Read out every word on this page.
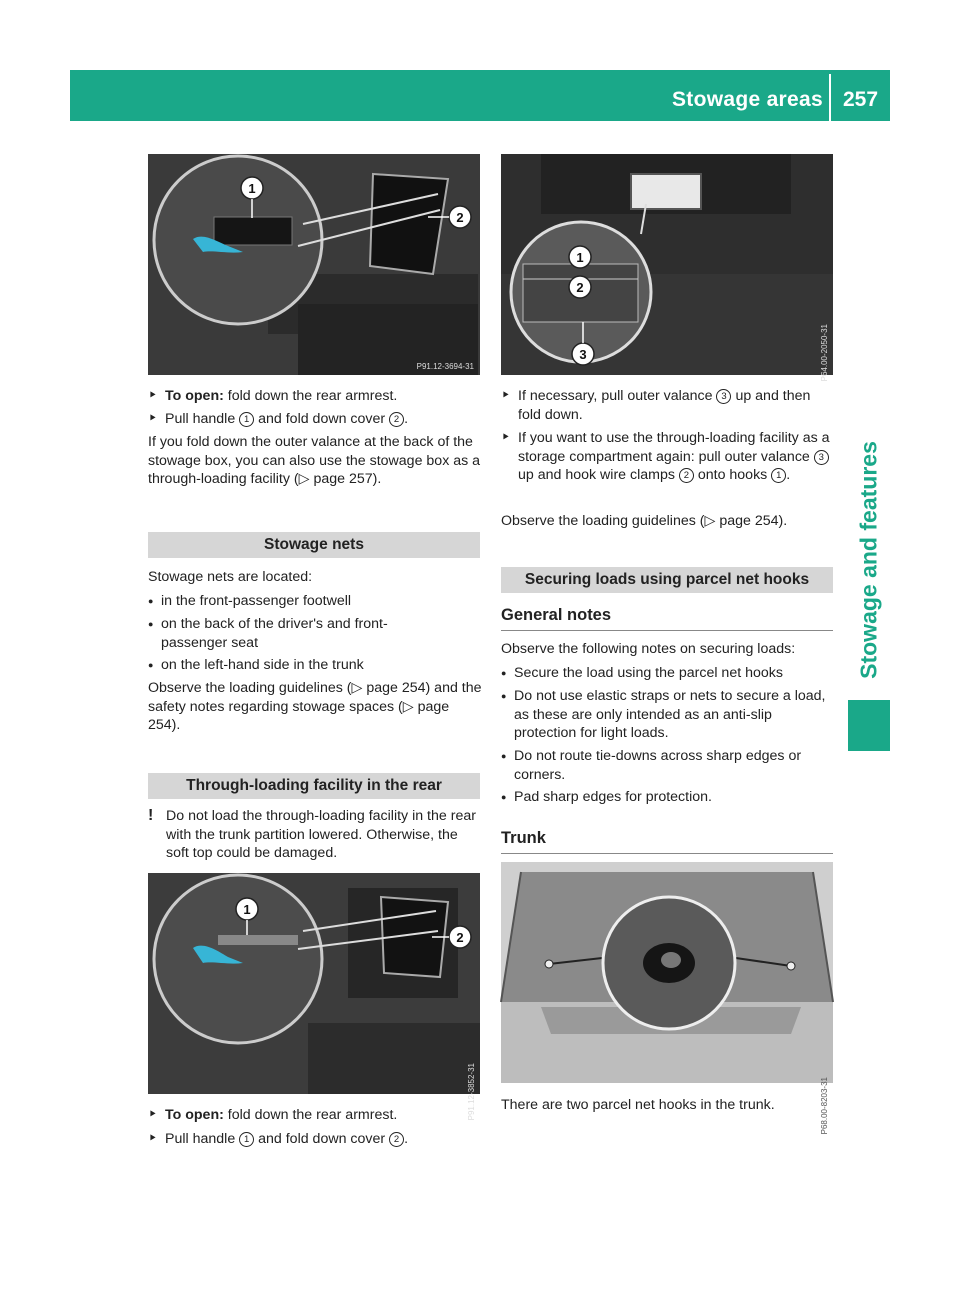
Stowage areas 257
Stowage and features
1
2
P91.12-3694-31
1
2
3	P64.00-2050-31
⯈ To open: fold down the rear armrest.
⯈ Pull handle 1 and fold down cover 2 .
If you fold down the outer valance at the back of the stowage box, you can also use the stowage box as a through-loading facility (▷ page 257).
Stowage nets
Stowage nets are located:
● in the front-passenger footwell
● on the back of the driver's and front-passenger seat
● on the left-hand side in the trunk
Observe the loading guidelines (▷ page 254) and the safety notes regarding stowage spaces (▷ page 254).
Through-loading facility in the rear
! Do not load the through-loading facility in the rear with the trunk partition lowered. Otherwise, the soft top could be damaged.
1
2
P91.12-3852-31
⯈ To open: fold down the rear armrest.
⯈ Pull handle 1 and fold down cover 2 .
⯈ If necessary, pull outer valance 3 up and then fold down.
⯈ If you want to use the through-loading facility as a storage compartment again: pull outer valance 3 up and hook wire clamps 2 onto hooks 1 .
Observe the loading guidelines (▷ page 254).
Securing loads using parcel net hooks
General notes
Observe the following notes on securing loads:
● Secure the load using the parcel net hooks
● Do not use elastic straps or nets to secure a load, as these are only intended as an anti-slip protection for light loads.
● Do not route tie-downs across sharp edges or corners.
● Pad sharp edges for protection.
Trunk
P68.00-8203-31
There are two parcel net hooks in the trunk.
